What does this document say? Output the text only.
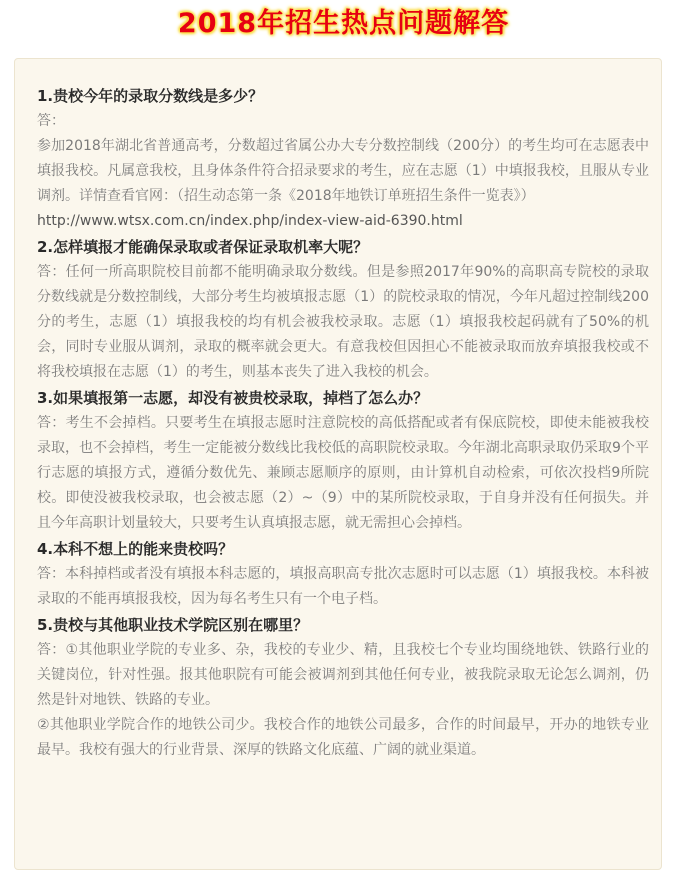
2018年招生热点问题解答

1.贵校今年的录取分数线是多少？

答：

参加2018年湖北省普通高考，分数超过省属公办大专分数控制线（200分）的考生均可在志愿表中填报我校。凡属意我校，且身体条件符合招录要求的考生，应在志愿（1）中填报我校，且服从专业调剂。详情查看官网：（招生动态第一条《2018年地铁订单班招生条件一览表》）

http://www.wtsx.com.cn/index.php/index-view-aid-6390.html

2.怎样填报才能确保录取或者保证录取机率大呢？

答：任何一所高职院校目前都不能明确录取分数线。但是参照2017年90%的高职高专院校的录取分数线就是分数控制线，大部分考生均被填报志愿（1）的院校录取的情况，今年凡超过控制线200分的考生，志愿（1）填报我校的均有机会被我校录取。志愿（1）填报我校起码就有了50%的机会，同时专业服从调剂，录取的概率就会更大。有意我校但因担心不能被录取而放弃填报我校或不将我校填报在志愿（1）的考生，则基本丧失了进入我校的机会。

3.如果填报第一志愿，却没有被贵校录取，掉档了怎么办？

答：考生不会掉档。只要考生在填报志愿时注意院校的高低搭配或者有保底院校，即使未能被我校录取，也不会掉档，考生一定能被分数线比我校低的高职院校录取。今年湖北高职录取仍采取9个平行志愿的填报方式，遵循分数优先、兼顾志愿顺序的原则，由计算机自动检索，可依次投档9所院校。即使没被我校录取，也会被志愿（2）~（9）中的某所院校录取，于自身并没有任何损失。并且今年高职计划量较大，只要考生认真填报志愿，就无需担心会掉档。

4.本科不想上的能来贵校吗？

答：本科掉档或者没有填报本科志愿的，填报高职高专批次志愿时可以志愿（1）填报我校。本科被录取的不能再填报我校，因为每名考生只有一个电子档。

5.贵校与其他职业技术学院区别在哪里？

答：①其他职业学院的专业多、杂，我校的专业少、精，且我校七个专业均围绕地铁、铁路行业的关键岗位，针对性强。报其他职院有可能会被调剂到其他任何专业，被我院录取无论怎么调剂，仍然是针对地铁、铁路的专业。

②其他职业学院合作的地铁公司少。我校合作的地铁公司最多，合作的时间最早，开办的地铁专业最早。我校有强大的行业背景、深厚的铁路文化底蕴、广阔的就业渠道。
